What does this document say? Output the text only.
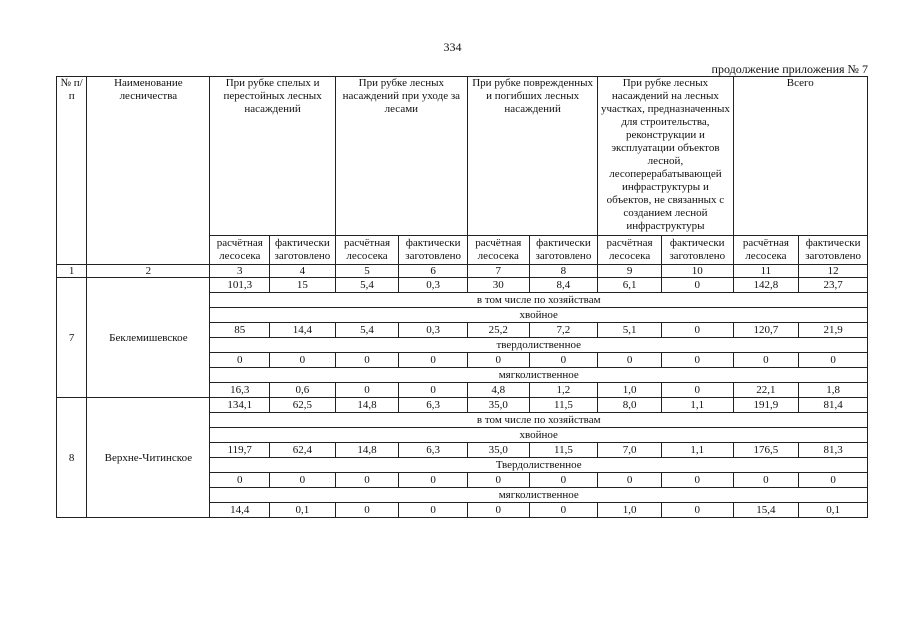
334
продолжение приложения № 7
№ п/п	Наименование лесничества	При рубке спелых и перестойных лесных насаждений		При рубке лесных насаждений при уходе за лесами		При рубке поврежденных и погибших лесных насаждений		При рубке лесных насаждений на лесных участках, предназначенных для строительства, реконструкции и эксплуатации объектов лесной, лесоперерабатывающей инфраструктуры и объектов, не связанных с созданием лесной инфраструктуры		Всего	
		расчётная лесосека	фактически заготовлено	расчётная лесосека	фактически заготовлено	расчётная лесосека	фактически заготовлено	расчётная лесосека	фактически заготовлено	расчётная лесосека	фактически заготовлено
1	2	3	4	5	6	7	8	9	10	11	12
7	Беклемишевское	101,3	15	5,4	0,3	30	8,4	6,1	0	142,8	23,7
		в том числе по хозяйствам									
		хвойное									
		85	14,4	5,4	0,3	25,2	7,2	5,1	0	120,7	21,9
		твердолиственное									
		0	0	0	0	0	0	0	0	0	0
		мягколиственное									
		16,3	0,6	0	0	4,8	1,2	1,0	0	22,1	1,8
8	Верхне-Читинское	134,1	62,5	14,8	6,3	35,0	11,5	8,0	1,1	191,9	81,4
		в том числе по хозяйствам									
		хвойное									
		119,7	62,4	14,8	6,3	35,0	11,5	7,0	1,1	176,5	81,3
		Твердолиственное									
		0	0	0	0	0	0	0	0	0	0
		мягколиственное									
		14,4	0,1	0	0	0	0	1,0	0	15,4	0,1
